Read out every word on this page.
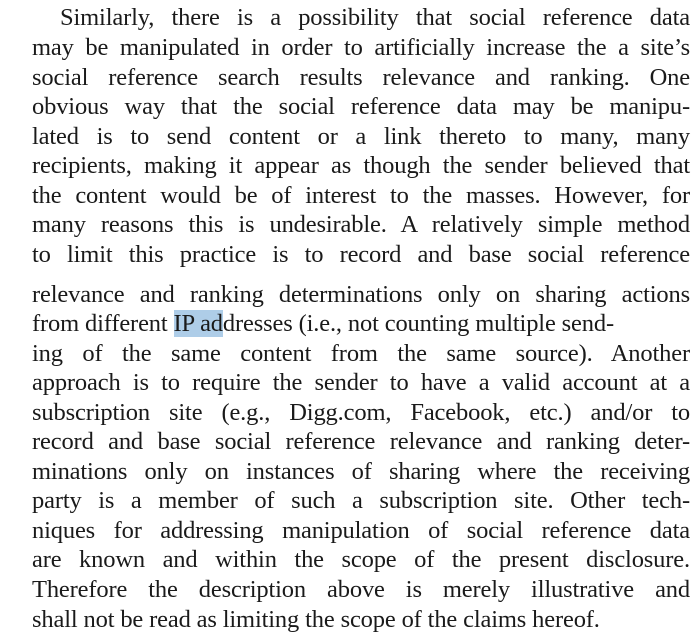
Similarly, there is a possibility that social reference data
may be manipulated in order to artificially increase the a site’s
social reference search results relevance and ranking. One
obvious way that the social reference data may be manipu-
lated is to send content or a link thereto to many, many
recipients, making it appear as though the sender believed that
the content would be of interest to the masses. However, for
many reasons this is undesirable. A relatively simple method
to limit this practice is to record and base social reference
relevance and ranking determinations only on sharing actions
from different IP addresses (i.e., not counting multiple send-
ing of the same content from the same source). Another
approach is to require the sender to have a valid account at a
subscription site (e.g., Digg.com, Facebook, etc.) and/or to
record and base social reference relevance and ranking deter-
minations only on instances of sharing where the receiving
party is a member of such a subscription site. Other tech-
niques for addressing manipulation of social reference data
are known and within the scope of the present disclosure.
Therefore the description above is merely illustrative and
shall not be read as limiting the scope of the claims hereof.
